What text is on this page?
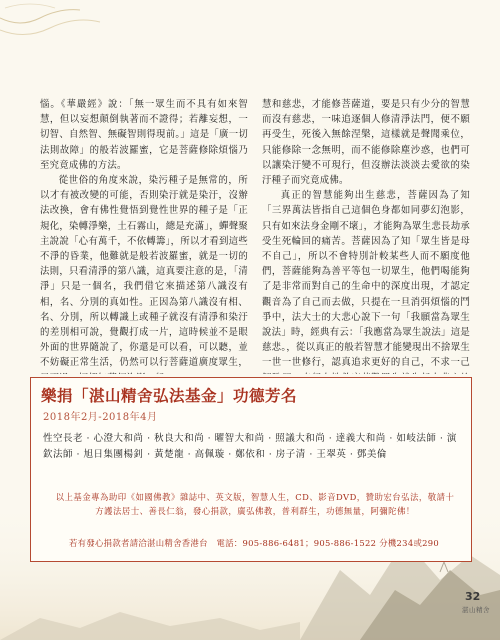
惱。《華嚴經》說：「無一眾生而不具有如來智慧，但以妄想顛倒執著而不證得；若離妄想，一切智、自然智、無礙智則得現前。」這是「廣一切法則故障」的般若波羅蜜，它是菩薩修除煩惱乃至究竟成佛的方法。

從世俗的角度來說，染污種子是無常的，所以才有被改變的可能，否則染汙就是染汙，沒辦法改換，會有佛性覺悟到覺性世界的種子是「正規化，染轉淨樂，土石霧山，總是充滿」，蟬聲聚主說說「心有萬千，不依轉籌」，所以才看到這些不淨的昏業，他難就是般若波羅蜜，就是一切的法則，只看清淨的第八識，這真要注意的是，「清淨」只是一個名，我們借它來描述第八識沒有相，名、分別的真如性。正因為第八識沒有相、名、分別，所以轉識上或種子就沒有清淨和染汙的差別相可說，覺觀打成一片，這時候並不是眼外面的世界隨說了，你還是可以看，可以聽，並不妨礙正常生活，仍然可以行菩薩道廣度眾生，

慧和慈悲，才能修菩薩道，要是只有少分的智慧而沒有慈悲，一味追逐個人修清淨法門，便不願再受生，死後入無餘涅槃，這樣就是聲聞乘位，只能修除一念無明，而不能修除塵沙惑，也們可以讓染汙變不可現行，但沒辦法淡淡去愛欲的染汙種子而究竟成佛。

真正的智慧能夠出生慈悲，菩薩因為了知「三界萬法皆指自己這個色身都如同夢幻泡影，只有如來法身金剛不壞」，才能夠為眾生悲長劫承受生死輪回的痛苦。菩薩因為了知「眾生皆是母不自己」，所以不會特別計較某些人而不願度他們，菩薩能夠為善平等包一切眾生，他們喝能夠了是非常而對自己的生命中的深度出現，才認定觀音為了自己而去做，只提在一旦消弭煩惱的鬥爭中，法大士的大悲心說下一句「我願當為眾生說法」時，經典有云：「我應當為眾生說法」這是慈悲。，從以真正的般若智慧才能變現出不捨眾生一世一世修行，認真追求更好的自己，不求一己

樂捐「湛山精舍弘法基金」功德芳名
2018年2月-2018年4月
性空長老 · 心澄大和尚 · 秋良大和尚 · 曜智大和尚 · 照議大和尚 · 達義大和尚 · 如岐法師 · 演欽法師 · 旭日集團楊釗 · 黃楚龍 · 高佩璇 · 鄭依和 · 房子清 · 王翠英 · 鄧美倫
以上基金專為助印《如國佛教》雜誌中、英文版，智慧人生，CD、影音DVD，贊助宏台弘法，敬請十方護法居士、善長仁翁，發心捐款，廣弘佛教，普利群生，功德無量，阿彌陀佛！
若有發心捐款者請洽湛山精舍香港台　電話：905-886-6481；905-886-1522 分機234或290
32
湛山精舍
